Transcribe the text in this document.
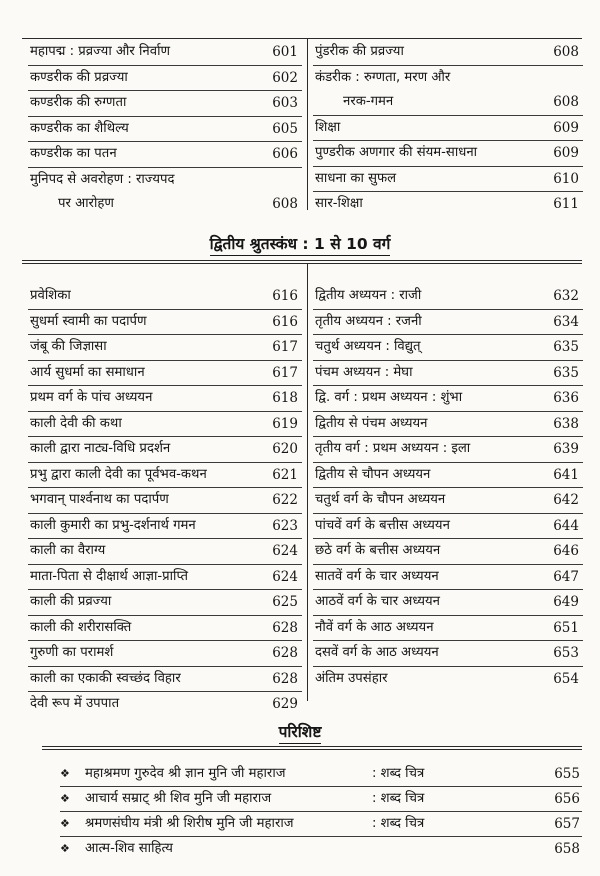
महापद्म : प्रव्रज्या और निर्वाण	601
कण्डरीक की प्रव्रज्या	602
कण्डरीक की रुग्णता	603
कण्डरीक का शैथिल्य	605
कण्डरीक का पतन	606
मुनिपद से अवरोहण : राज्यपद
पर आरोहण	608
पुंडरीक की प्रव्रज्या	608
कंडरीक : रुग्णता, मरण और
नरक-गमन	608
शिक्षा	609
पुण्डरीक अणगार की संयम-साधना	609
साधना का सुफल	610
सार-शिक्षा	611
द्वितीय श्रुतस्कंध : 1 से 10 वर्ग
प्रवेशिका	616
सुधर्मा स्वामी का पदार्पण	616
जंबू की जिज्ञासा	617
आर्य सुधर्मा का समाधान	617
प्रथम वर्ग के पांच अध्ययन	618
काली देवी की कथा	619
काली द्वारा नाट्य-विधि प्रदर्शन	620
प्रभु द्वारा काली देवी का पूर्वभव-कथन	621
भगवान् पार्श्वनाथ का पदार्पण	622
काली कुमारी का प्रभु-दर्शनार्थ गमन	623
काली का वैराग्य	624
माता-पिता से दीक्षार्थ आज्ञा-प्राप्ति	624
काली की प्रव्रज्या	625
काली की शरीरासक्ति	628
गुरुणी का परामर्श	628
काली का एकाकी स्वच्छंद विहार	628
देवी रूप में उपपात	629
द्वितीय अध्ययन : राजी	632
तृतीय अध्ययन : रजनी	634
चतुर्थ अध्ययन : विद्युत्	635
पंचम अध्ययन : मेघा	635
द्वि. वर्ग : प्रथम अध्ययन : शुंभा	636
द्वितीय से पंचम अध्ययन	638
तृतीय वर्ग : प्रथम अध्ययन : इला	639
द्वितीय से चौपन अध्ययन	641
चतुर्थ वर्ग के चौपन अध्ययन	642
पांचवें वर्ग के बत्तीस अध्ययन	644
छठे वर्ग के बत्तीस अध्ययन	646
सातवें वर्ग के चार अध्ययन	647
आठवें वर्ग के चार अध्ययन	649
नौवें वर्ग के आठ अध्ययन	651
दसवें वर्ग के आठ अध्ययन	653
अंतिम उपसंहार	654
परिशिष्ट
❖ महाश्रमण गुरुदेव श्री ज्ञान मुनि जी महाराज	: शब्द चित्र	655
❖ आचार्य सम्राट् श्री शिव मुनि जी महाराज	: शब्द चित्र	656
❖ श्रमणसंघीय मंत्री श्री शिरीष मुनि जी महाराज	: शब्द चित्र	657
❖ आत्म-शिव साहित्य	658
